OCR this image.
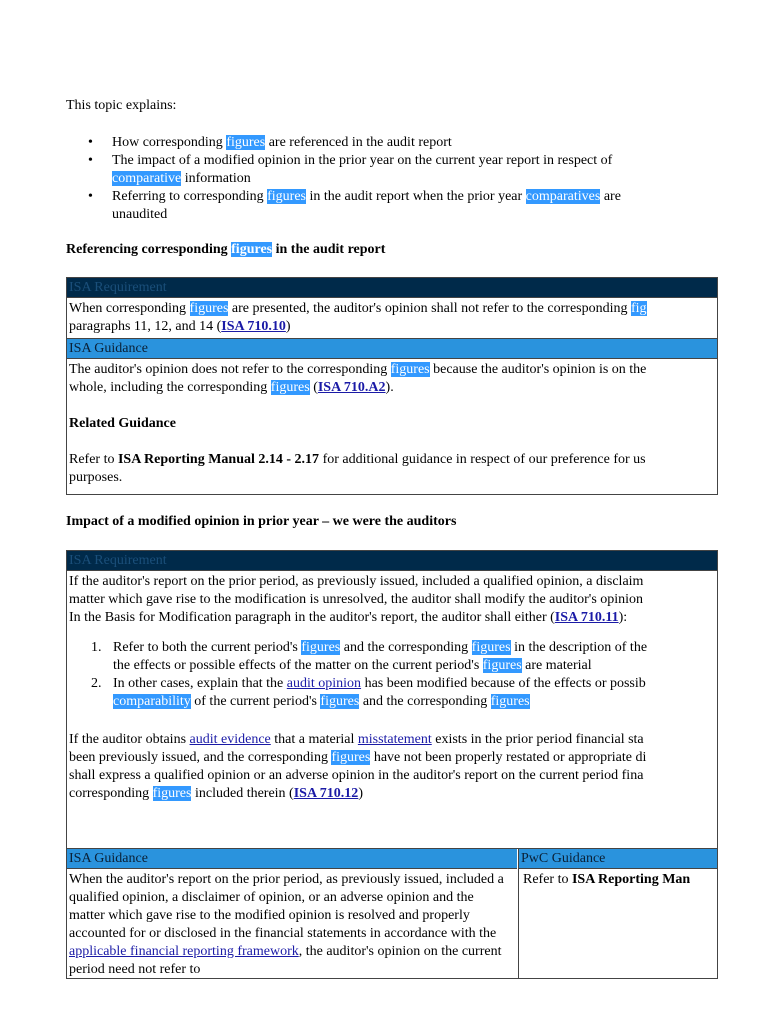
This topic explains:

• How corresponding figures are referenced in the audit report
• The impact of a modified opinion in the prior year on the current year report in respect of
comparative information
• Referring to corresponding figures in the audit report when the prior year comparatives are
unaudited

Referencing corresponding figures in the audit report

ISA Requirement
When corresponding figures are presented, the auditor's opinion shall not refer to the corresponding fig
paragraphs 11, 12, and 14 (ISA 710.10)
ISA Guidance
The auditor's opinion does not refer to the corresponding figures because the auditor's opinion is on the
whole, including the corresponding figures (ISA 710.A2).
Related Guidance
Refer to ISA Reporting Manual 2.14 - 2.17 for additional guidance in respect of our preference for us
purposes.

Impact of a modified opinion in prior year – we were the auditors

ISA Requirement
If the auditor's report on the prior period, as previously issued, included a qualified opinion, a disclaim
matter which gave rise to the modification is unresolved, the auditor shall modify the auditor's opinion
In the Basis for Modification paragraph in the auditor's report, the auditor shall either (ISA 710.11):
1. Refer to both the current period's figures and the corresponding figures in the description of the
the effects or possible effects of the matter on the current period's figures are material
2. In other cases, explain that the audit opinion has been modified because of the effects or possib
comparability of the current period's figures and the corresponding figures
If the auditor obtains audit evidence that a material misstatement exists in the prior period financial sta
been previously issued, and the corresponding figures have not been properly restated or appropriate di
shall express a qualified opinion or an adverse opinion in the auditor's report on the current period fina
corresponding figures included therein (ISA 710.12)
ISA Guidance
When the auditor's report on the prior period, as previously issued, included a qualified opinion, a disclaimer of opinion, or an adverse opinion and the matter which gave rise to the modified opinion is resolved and properly accounted for or disclosed in the financial statements in accordance with the applicable financial reporting framework, the auditor's opinion on the current period need not refer to
PwC Guidance
Refer to ISA Reporting Man
